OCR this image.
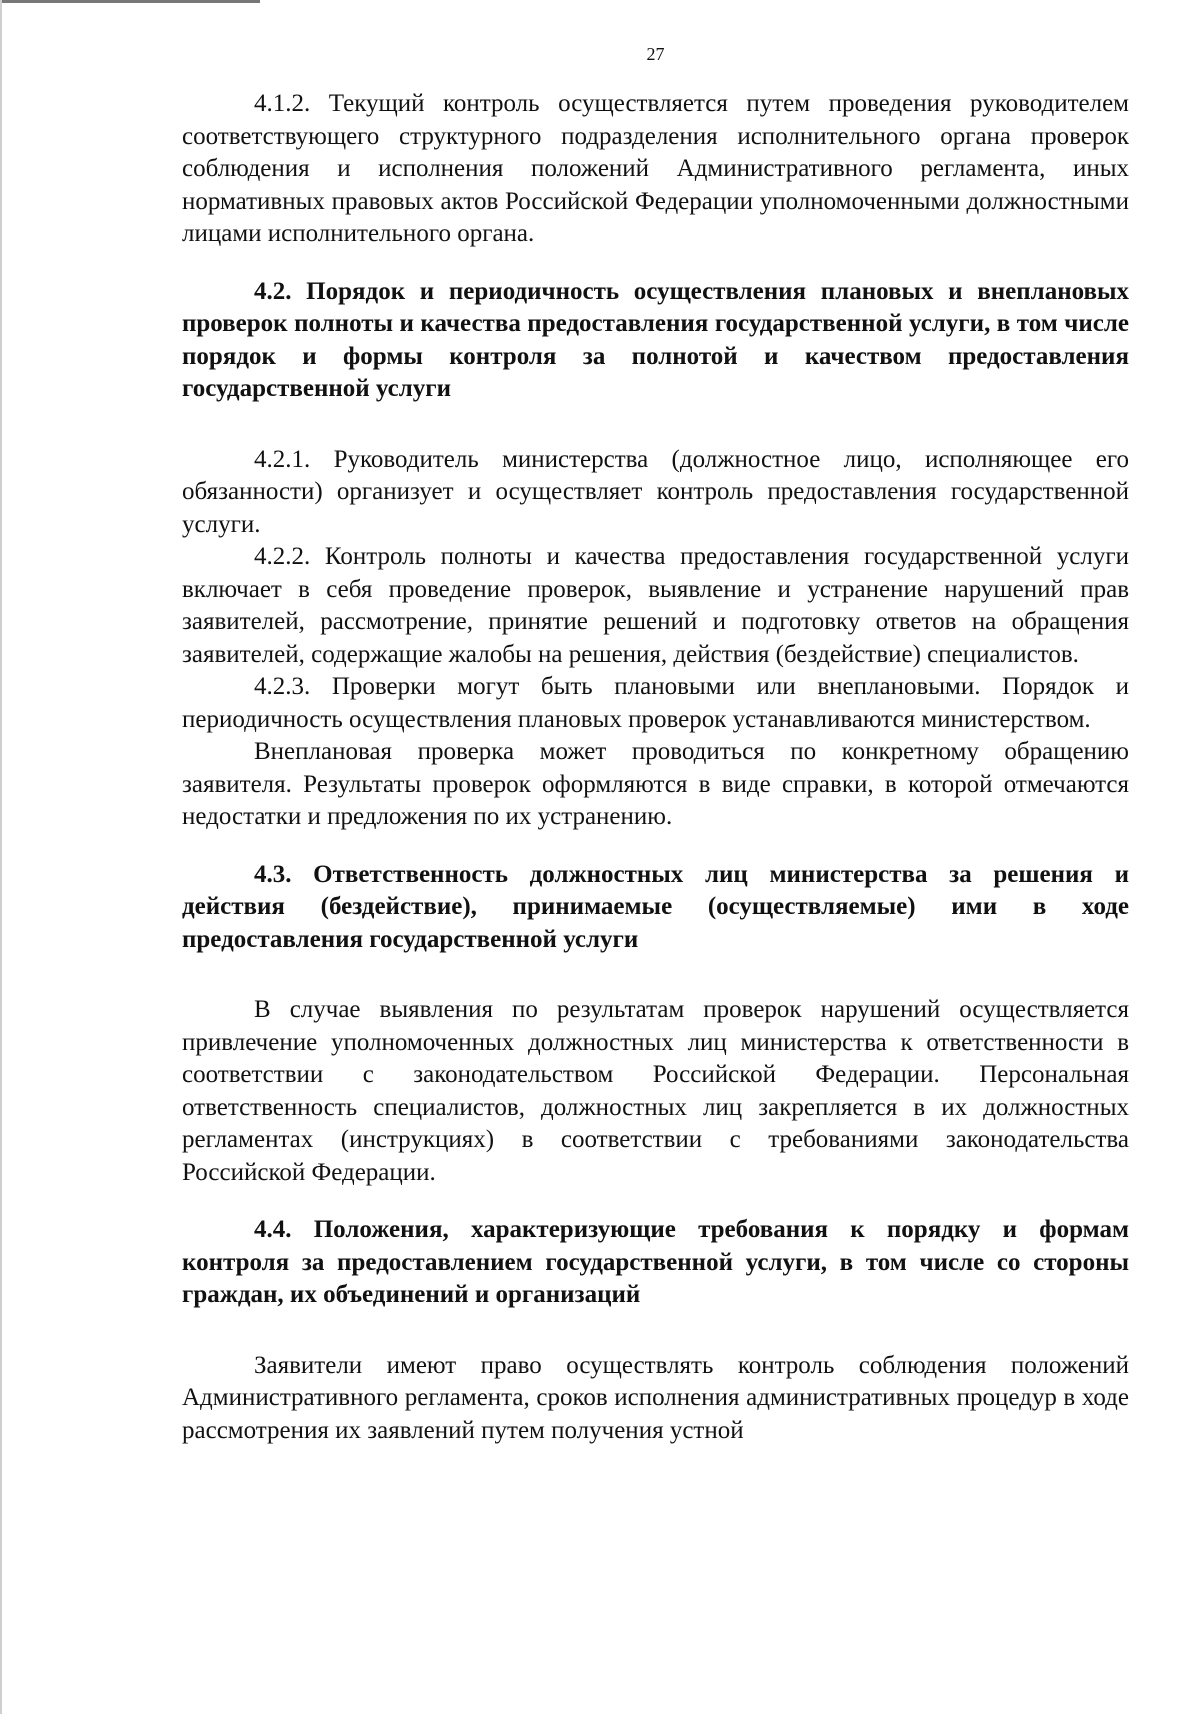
27

4.1.2. Текущий контроль осуществляется путем проведения руководителем соответствующего структурного подразделения исполнительного органа проверок соблюдения и исполнения положений Административного регламента, иных нормативных правовых актов Российской Федерации уполномоченными должностными лицами исполнительного органа.

4.2. Порядок и периодичность осуществления плановых и внеплановых проверок полноты и качества предоставления государственной услуги, в том числе порядок и формы контроля за полнотой и качеством предоставления государственной услуги

4.2.1. Руководитель министерства (должностное лицо, исполняющее его обязанности) организует и осуществляет контроль предоставления государственной услуги.

4.2.2. Контроль полноты и качества предоставления государственной услуги включает в себя проведение проверок, выявление и устранение нарушений прав заявителей, рассмотрение, принятие решений и подготовку ответов на обращения заявителей, содержащие жалобы на решения, действия (бездействие) специалистов.

4.2.3. Проверки могут быть плановыми или внеплановыми. Порядок и периодичность осуществления плановых проверок устанавливаются министерством.

Внеплановая проверка может проводиться по конкретному обращению заявителя. Результаты проверок оформляются в виде справки, в которой отмечаются недостатки и предложения по их устранению.

4.3. Ответственность должностных лиц министерства за решения и действия (бездействие), принимаемые (осуществляемые) ими в ходе предоставления государственной услуги

В случае выявления по результатам проверок нарушений осуществляется привлечение уполномоченных должностных лиц министерства к ответственности в соответствии с законодательством Российской Федерации. Персональная ответственность специалистов, должностных лиц закрепляется в их должностных регламентах (инструкциях) в соответствии с требованиями законодательства Российской Федерации.

4.4. Положения, характеризующие требования к порядку и формам контроля за предоставлением государственной услуги, в том числе со стороны граждан, их объединений и организаций

Заявители имеют право осуществлять контроль соблюдения положений Административного регламента, сроков исполнения административных процедур в ходе рассмотрения их заявлений путем получения устной
